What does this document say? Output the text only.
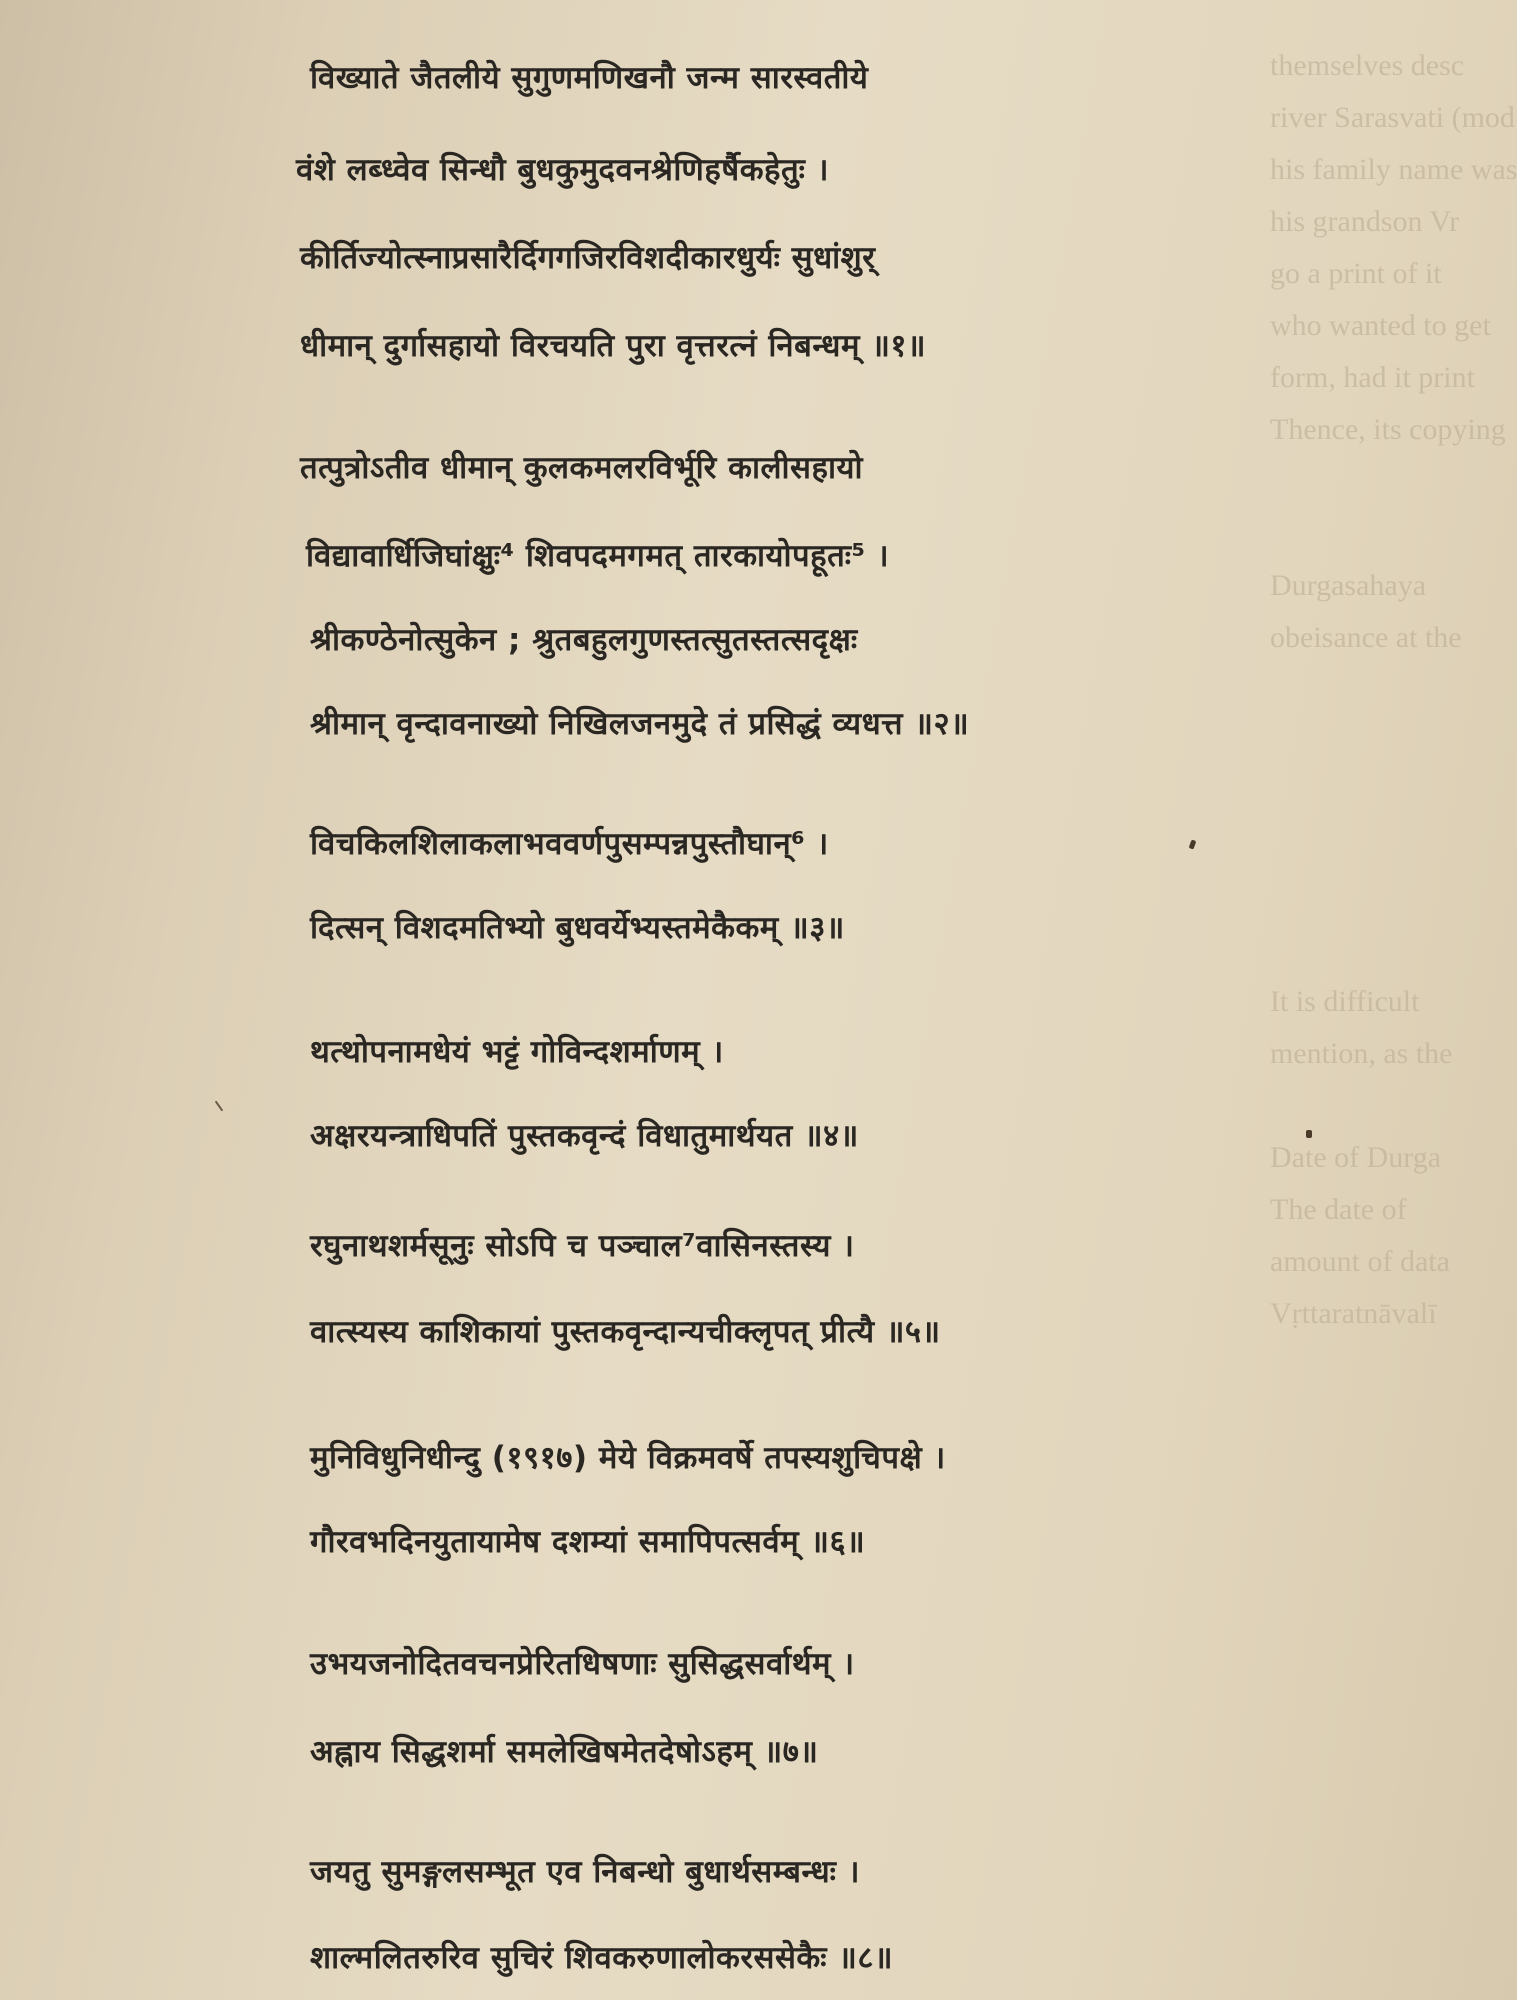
themselves desc
river Sarasvati (mod
his family name was
his grandson Vr
go a print of it
who wanted to get
form, had it print
Thence, its copying
Durgasahaya
obeisance at the
It is difficult
mention, as the
Date of Durga
The date of
amount of data
Vṛttaratnāvalī
विख्याते जैतलीये सुगुणमणिखनौ जन्म सारस्वतीये
वंशे लब्ध्वेव सिन्धौ बुधकुमुदवनश्रेणिहर्षैकहेतुः ।
कीर्तिज्योत्स्नाप्रसारैर्दिगगजिरविशदीकारधुर्यः सुधांशुर्
धीमान् दुर्गासहायो विरचयति पुरा वृत्तरत्नं निबन्धम् ॥१॥
तत्पुत्रोऽतीव धीमान् कुलकमलरविर्भूरि कालीसहायो
विद्यावार्धिजिघांक्षुः⁴ शिवपदमगमत् तारकायोपहूतः⁵ ।
श्रीकण्ठेनोत्सुकेन ; श्रुतबहुलगुणस्तत्सुतस्तत्सदृक्षः
श्रीमान् वृन्दावनाख्यो निखिलजनमुदे तं प्रसिद्धं व्यधत्त ॥२॥
विचकिलशिलाकलाभववर्णपुसम्पन्नपुस्तौघान्⁶ ।
दित्सन् विशदमतिभ्यो बुधवर्येभ्यस्तमेकैकम् ॥३॥
थत्थोपनामधेयं भट्टं गोविन्दशर्माणम् ।
अक्षरयन्त्राधिपतिं पुस्तकवृन्दं विधातुमार्थयत ॥४॥
रघुनाथशर्मसूनुः सोऽपि च पञ्चाल⁷वासिनस्तस्य ।
वात्स्यस्य काशिकायां पुस्तकवृन्दान्यचीक्लृपत् प्रीत्यै ॥५॥
मुनिविधुनिधीन्दु (१९१७) मेये विक्रमवर्षे तपस्यशुचिपक्षे ।
गौरवभदिनयुतायामेष दशम्यां समापिपत्सर्वम् ॥६॥
उभयजनोदितवचनप्रेरितधिषणाः सुसिद्धसर्वार्थम् ।
अह्नाय सिद्धशर्मा समलेखिषमेतदेषोऽहम् ॥७॥
जयतु सुमङ्गलसम्भूत एव निबन्धो बुधार्थसम्बन्धः ।
शाल्मलितरुरिव सुचिरं शिवकरुणालोकरससेकैः ॥८॥
